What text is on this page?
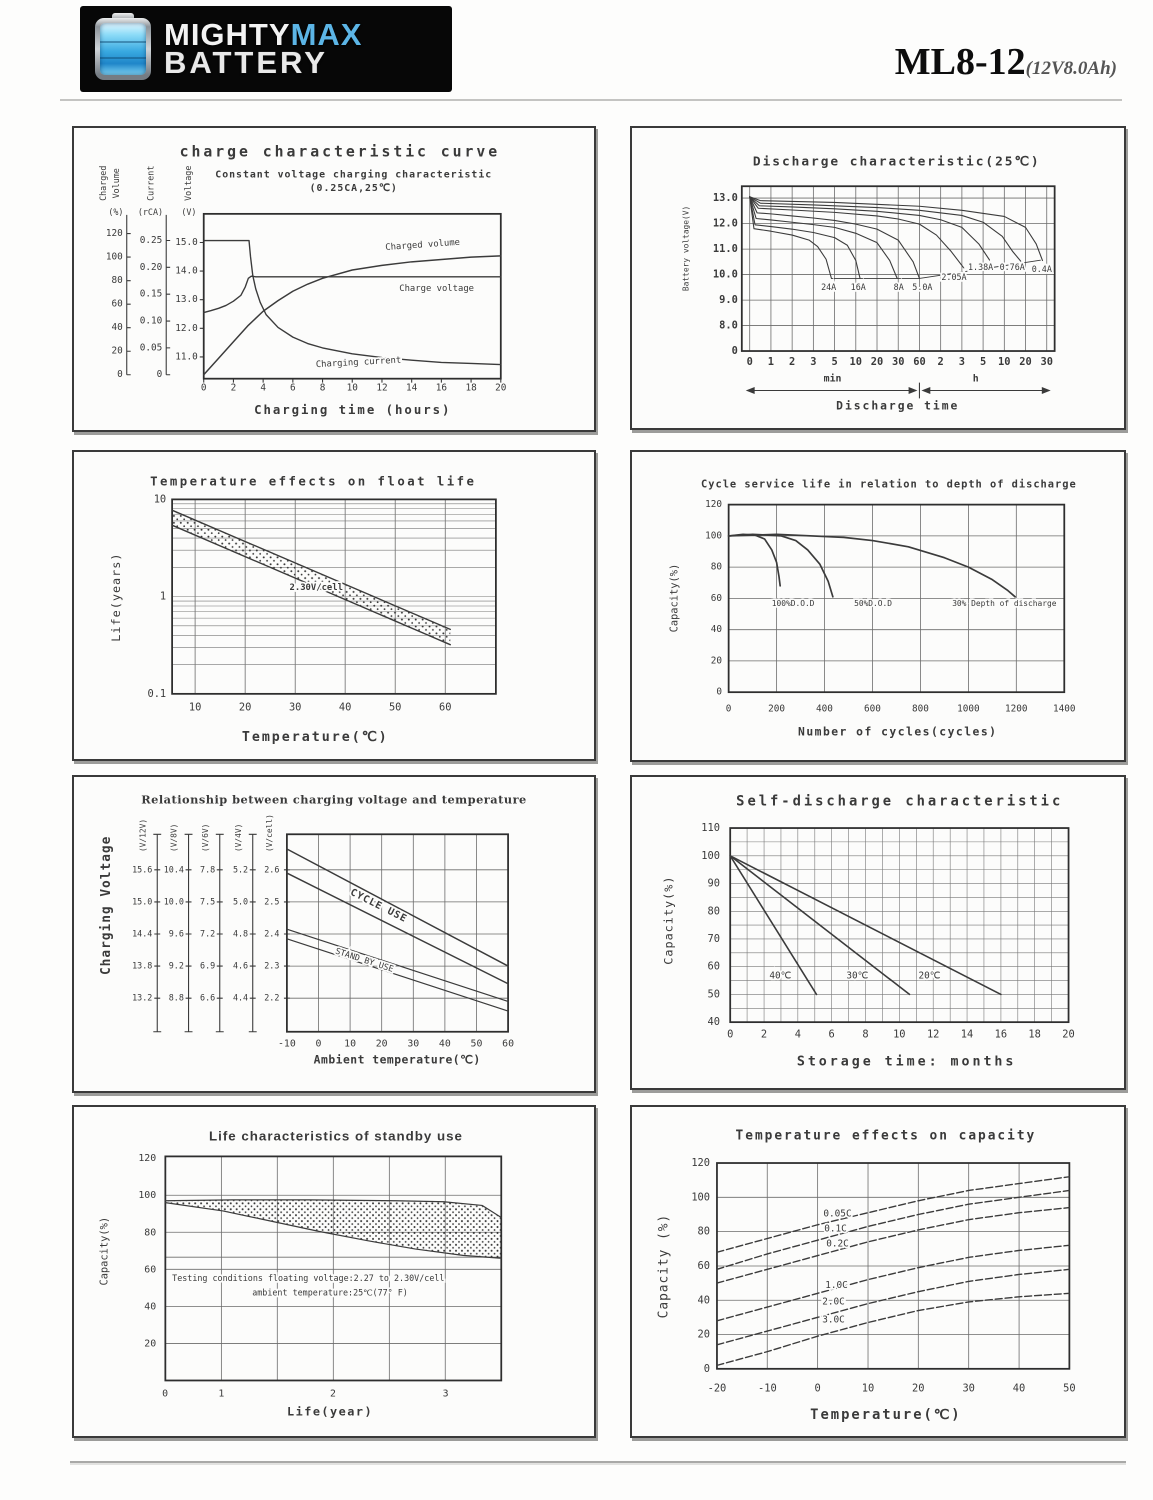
MIGHTYMAX
BATTERY	ML8-12(12V8.0Ah)
charge characteristic curve
Constant voltage charging characteristic
(0.25CA,25℃)
Charged Volume	Current	Voltage
(%) (rCA) (V)
Charged volume
Charge voltage
Charging current
120
100
80
60
40
20
0
0.25
0.20
0.15
0.10
0.05
0
15.0
14.0
13.0
12.0
11.0
0	2	4	6	8 10 12 14 16 18 20
Charging time (hours)
Discharge characteristic(25℃)
24A 16A	8A 5.0A
2.05A
1.38A 0.76A 0.4A
Battery voltage(V)
13.0
12.0
11.0
10.0
9.0
8.0
0
0 1 2 3 5 10 20 30 60 2 3 5 10 20 30
min	h
Discharge time
Temperature effects on float life
2.30V/cell
10
1
0.1
10	20	30	40	50	60
Life(years)
Temperature(℃)
Cycle service life in relation to depth of discharge
100%D.O.D	50%D.O.D	30% Depth of discharge
120
100
80
60
40
20
0
0	200	400	600	800	1000	1200	1400
Capacity(%)
Number of cycles(cycles)
Relationship between charging voltage and temperature
CYCLE USE
STAND BY USE
15.6
15.0
14.4
13.8
13.2
10.4
10.0
9.6
9.2
8.8
7.8
7.5
7.2
6.9
6.6
5.2
5.0
4.8
4.6
4.4
2.6
2.5
2.4
2.3
2.2
(V/12V)	(V/8V)	(V/6V)	(V/4V)	(V/cell)
Charging Voltage
-10 0 10 20 30 40 50 60
Ambient temperature(℃)
Self-discharge characteristic
40℃	30℃	20℃
110
100
90
80
70
60
50
40
0	2	4	6	8 10 12 14 16 18 20
Capacity(%)
Storage time: months
Life characteristics of standby use
Testing conditions floating voltage:2.27 to 2.30V/cell
ambient temperature:25℃(77° F)
120
100
80
60
40
20
0	1	2	3
Capacity(%)
Life(year)
Temperature effects on capacity
0.05C
0.1C
0.2C
1.0C
2.0C
3.0C
120
100
80
60
40
20
0
-20	-10	0	10	20	30	40	50
Capacity (%)
Temperature(℃)
